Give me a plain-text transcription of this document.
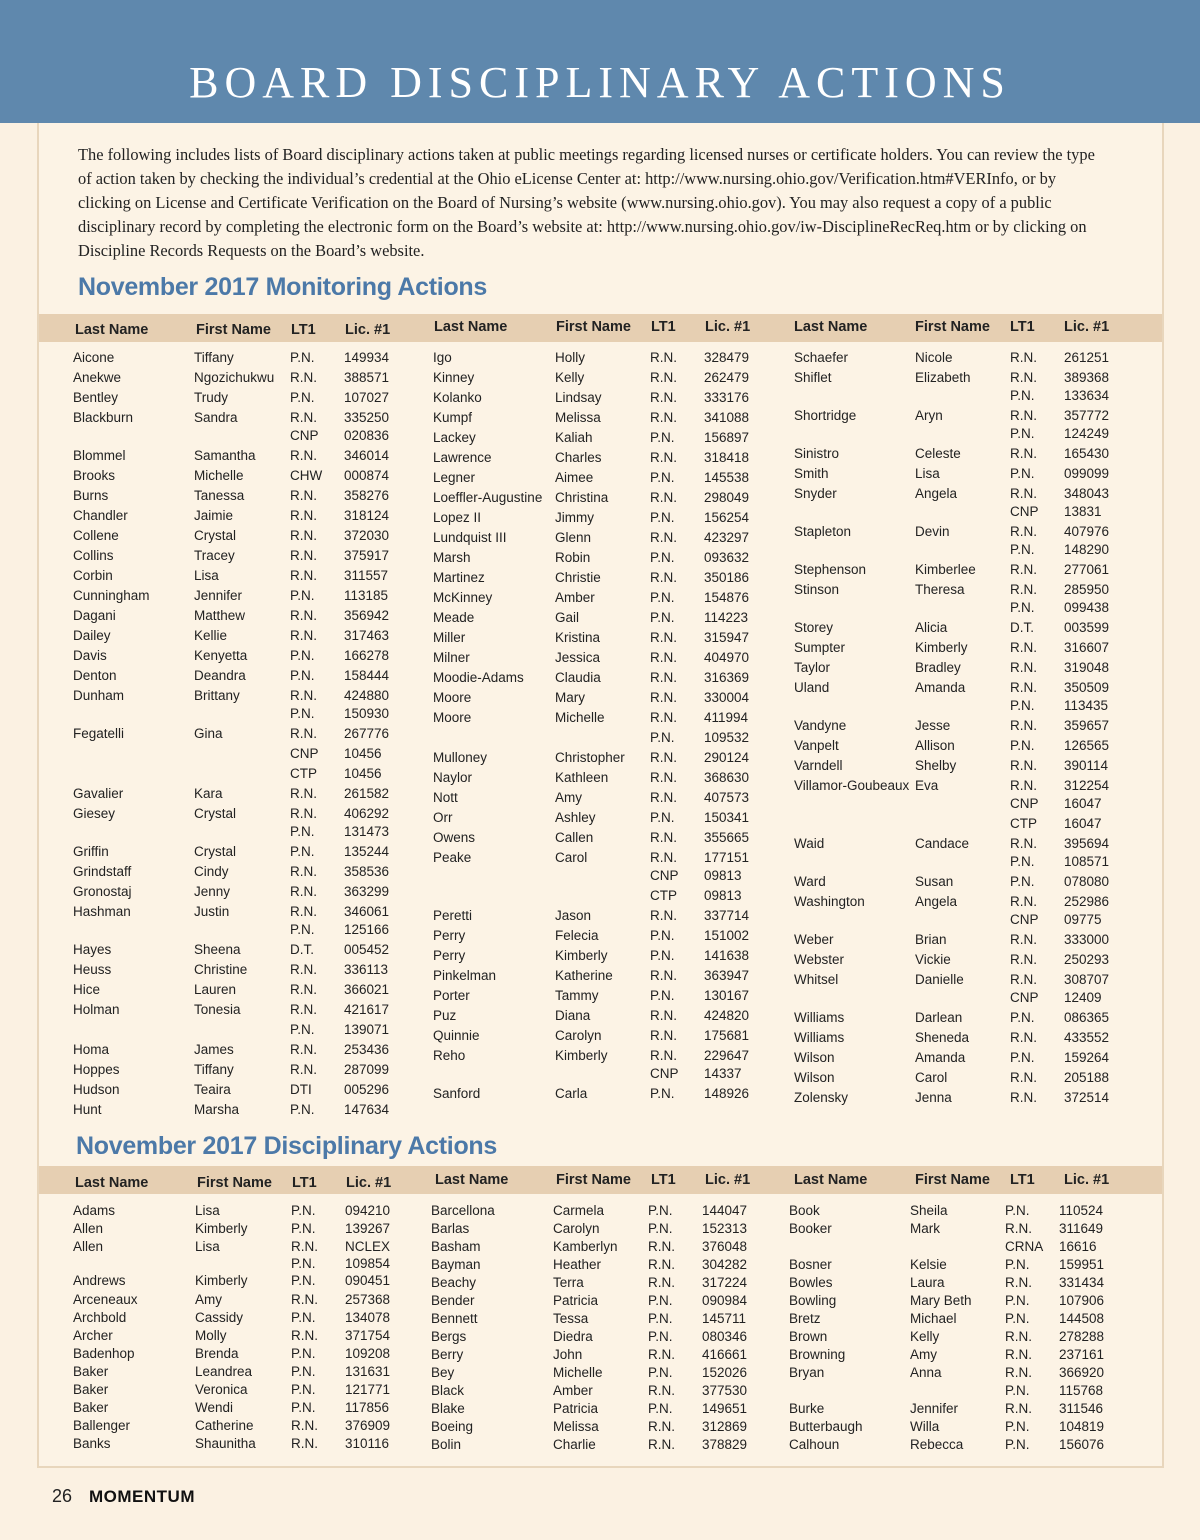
BOARD DISCIPLINARY ACTIONS

The following includes lists of Board disciplinary actions taken at public meetings regarding licensed nurses or certificate holders. You can review the type of action taken by checking the individual’s credential at the Ohio eLicense Center at: http://www.nursing.ohio.gov/Verification.htm#VERInfo, or by clicking on License and Certificate Verification on the Board of Nursing’s website (www.nursing.ohio.gov). You may also request a copy of a public disciplinary record by completing the electronic form on the Board’s website at: http://www.nursing.ohio.gov/iw-DisciplineRecReq.htm or by clicking on Discipline Records Requests on the Board’s website.

November 2017 Monitoring Actions
November 2017 Disciplinary Actions
Last Name	First Name LT1 Lic. #1	Last Name	First Name LT1 Lic. #1	Last Name	First Name LT1 Lic. #1
Aicone	Tiffany	P.N. 149934
Anekwe	Ngozichukwu R.N. 388571
Bentley	Trudy	P.N. 107027
Blackburn	Sandra	R.N. 335250
CNP 020836
Blommel	Samantha	R.N. 346014
Brooks	Michelle	CHW 000874
Burns	Tanessa	R.N. 358276
Chandler	Jaimie	R.N. 318124
Collene	Crystal	R.N. 372030
Collins	Tracey	R.N. 375917
Corbin	Lisa	R.N. 311557
Cunningham	Jennifer	P.N. 113185
Dagani	Matthew	R.N. 356942
Dailey	Kellie	R.N. 317463
Davis	Kenyetta	P.N. 166278
Denton	Deandra	P.N. 158444
Dunham	Brittany	R.N. 424880
P.N. 150930
Fegatelli	Gina	R.N. 267776
CNP 10456
CTP 10456
Gavalier	Kara	R.N. 261582
Giesey	Crystal	R.N. 406292
P.N. 131473
Griffin	Crystal	P.N. 135244
Grindstaff	Cindy	R.N. 358536
Gronostaj	Jenny	R.N. 363299
Hashman	Justin	R.N. 346061
P.N. 125166
Hayes	Sheena	D.T. 005452
Heuss	Christine	R.N. 336113
Hice	Lauren	R.N. 366021
Holman	Tonesia	R.N. 421617
P.N. 139071
Homa	James	R.N. 253436
Hoppes	Tiffany	R.N. 287099
Hudson	Teaira	DTI 005296
Hunt	Marsha	P.N. 147634
Igo	Holly	R.N. 328479
Kinney	Kelly	R.N. 262479
Kolanko	Lindsay	R.N. 333176
Kumpf	Melissa	R.N. 341088
Lackey	Kaliah	P.N. 156897
Lawrence	Charles	R.N. 318418
Legner	Aimee	P.N. 145538
Loeffler-Augustine Christina	R.N. 298049
Lopez II	Jimmy	P.N. 156254
Lundquist III	Glenn	R.N. 423297
Marsh	Robin	P.N. 093632
Martinez	Christie	R.N. 350186
McKinney	Amber	P.N. 154876
Meade	Gail	P.N. 114223
Miller	Kristina	R.N. 315947
Milner	Jessica	R.N. 404970
Moodie-Adams Claudia	R.N. 316369
Moore	Mary	R.N. 330004
Moore	Michelle	R.N. 411994
P.N. 109532
Mulloney	Christopher R.N. 290124
Naylor	Kathleen	R.N. 368630
Nott	Amy	R.N. 407573
Orr	Ashley	P.N. 150341
Owens	Callen	R.N. 355665
Peake	Carol	R.N. 177151
CNP 09813
CTP 09813
Peretti	Jason	R.N. 337714
Perry	Felecia	P.N. 151002
Perry	Kimberly	P.N. 141638
Pinkelman	Katherine	R.N. 363947
Porter	Tammy	P.N. 130167
Puz	Diana	R.N. 424820
Quinnie	Carolyn	R.N. 175681
Reho	Kimberly	R.N. 229647
CNP 14337
Sanford	Carla	P.N. 148926
Schaefer	Nicole	R.N. 261251
Shiflet	Elizabeth	R.N. 389368
P.N. 133634
Shortridge	Aryn	R.N. 357772
P.N. 124249
Sinistro	Celeste	R.N. 165430
Smith	Lisa	P.N. 099099
Snyder	Angela	R.N. 348043
CNP 13831
Stapleton	Devin	R.N. 407976
P.N. 148290
Stephenson	Kimberlee	R.N. 277061
Stinson	Theresa	R.N. 285950
P.N. 099438
Storey	Alicia	D.T. 003599
Sumpter	Kimberly	R.N. 316607
Taylor	Bradley	R.N. 319048
Uland	Amanda	R.N. 350509
P.N. 113435
Vandyne	Jesse	R.N. 359657
Vanpelt	Allison	P.N. 126565
Varndell	Shelby	R.N. 390114
Villamor-Goubeaux Eva	R.N. 312254
CNP 16047
CTP 16047
Waid	Candace	R.N. 395694
P.N. 108571
Ward	Susan	P.N. 078080
Washington	Angela	R.N. 252986
CNP 09775
Weber	Brian	R.N. 333000
Webster	Vickie	R.N. 250293
Whitsel	Danielle	R.N. 308707
CNP 12409
Williams	Darlean	P.N. 086365
Williams	Sheneda	R.N. 433552
Wilson	Amanda	P.N. 159264
Wilson	Carol	R.N. 205188
Zolensky	Jenna	R.N. 372514
Last Name	First Name LT1 Lic. #1	Last Name	First Name LT1 Lic. #1	Last Name	First Name LT1 Lic. #1
Adams	Lisa	P.N. 094210
Allen	Kimberly	P.N. 139267
Allen	Lisa	R.N. NCLEX
P.N. 109854
Andrews	Kimberly	P.N. 090451
Arceneaux	Amy	R.N. 257368
Archbold	Cassidy	P.N. 134078
Archer	Molly	R.N. 371754
Badenhop	Brenda	P.N. 109208
Baker	Leandrea	P.N. 131631
Baker	Veronica	P.N. 121771
Baker	Wendi	P.N. 117856
Ballenger	Catherine	R.N. 376909
Banks	Shaunitha	R.N. 310116
Barcellona	Carmela	P.N. 144047
Barlas	Carolyn	P.N. 152313
Basham	Kamberlyn R.N. 376048
Bayman	Heather	R.N. 304282
Beachy	Terra	R.N. 317224
Bender	Patricia	P.N. 090984
Bennett	Tessa	P.N. 145711
Bergs	Diedra	P.N. 080346
Berry	John	R.N. 416661
Bey	Michelle	P.N. 152026
Black	Amber	R.N. 377530
Blake	Patricia	P.N. 149651
Boeing	Melissa	R.N. 312869
Bolin	Charlie	R.N. 378829
Book	Sheila	P.N. 110524
Booker	Mark	R.N. 311649
CRNA 16616
Bosner	Kelsie	P.N. 159951
Bowles	Laura	R.N. 331434
Bowling	Mary Beth P.N. 107906
Bretz	Michael	P.N. 144508
Brown	Kelly	R.N. 278288
Browning	Amy	R.N. 237161
Bryan	Anna	R.N. 366920
P.N. 115768
Burke	Jennifer	R.N. 311546
Butterbaugh	Willa	P.N. 104819
Calhoun	Rebecca	P.N. 156076
26 MOMENTUM
